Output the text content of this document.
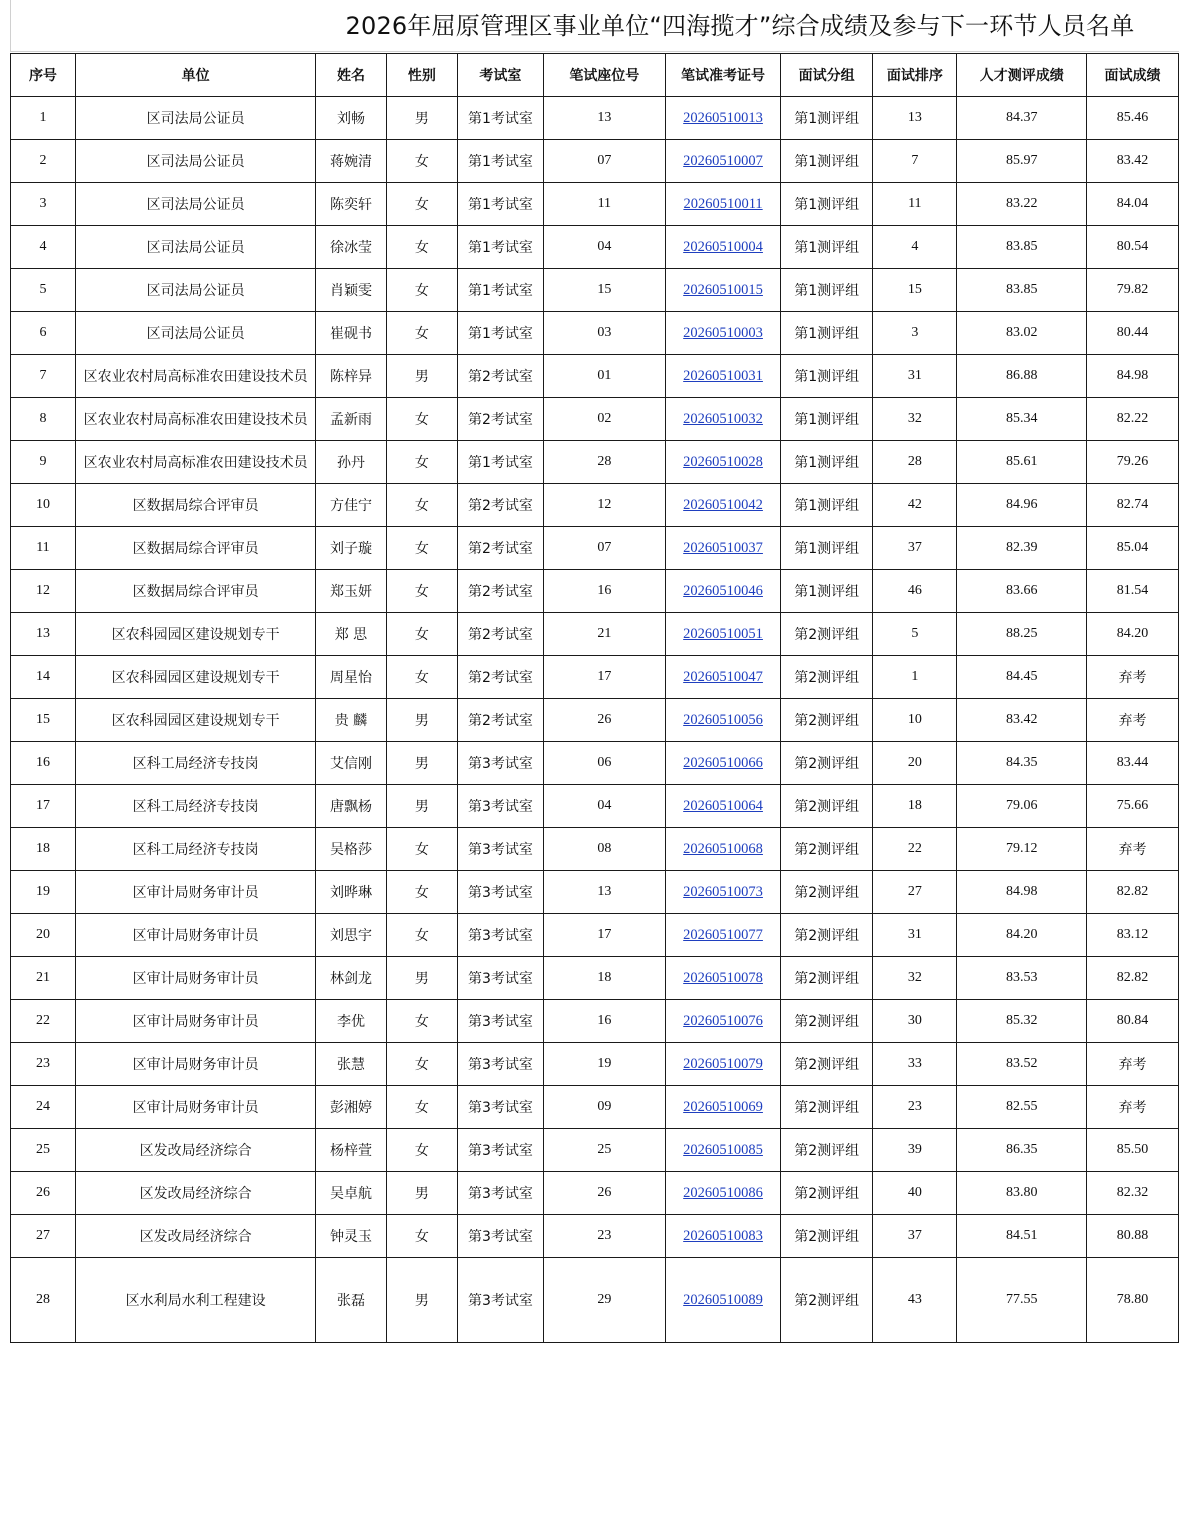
2026年屈原管理区事业单位“四海揽才”综合成绩及参与下一环节人员名单
序号	单位	姓名	性别	考试室	笔试座位号	笔试准考证号	面试分组	面试排序	人才测评成绩	面试成绩
1	区司法局公证员	刘畅	男	第1考试室	13	20260510013	第1测评组	13	84.37	85.46
2	区司法局公证员	蒋婉清	女	第1考试室	07	20260510007	第1测评组	7	85.97	83.42
3	区司法局公证员	陈奕轩	女	第1考试室	11	20260510011	第1测评组	11	83.22	84.04
4	区司法局公证员	徐冰莹	女	第1考试室	04	20260510004	第1测评组	4	83.85	80.54
5	区司法局公证员	肖颖雯	女	第1考试室	15	20260510015	第1测评组	15	83.85	79.82
6	区司法局公证员	崔砚书	女	第1考试室	03	20260510003	第1测评组	3	83.02	80.44
7	区农业农村局高标准农田建设技术员	陈梓异	男	第2考试室	01	20260510031	第1测评组	31	86.88	84.98
8	区农业农村局高标准农田建设技术员	孟新雨	女	第2考试室	02	20260510032	第1测评组	32	85.34	82.22
9	区农业农村局高标准农田建设技术员	孙丹	女	第1考试室	28	20260510028	第1测评组	28	85.61	79.26
10	区数据局综合评审员	方佳宁	女	第2考试室	12	20260510042	第1测评组	42	84.96	82.74
11	区数据局综合评审员	刘子璇	女	第2考试室	07	20260510037	第1测评组	37	82.39	85.04
12	区数据局综合评审员	郑玉妍	女	第2考试室	16	20260510046	第1测评组	46	83.66	81.54
13	区农科园园区建设规划专干	郑 思	女	第2考试室	21	20260510051	第2测评组	5	88.25	84.20
14	区农科园园区建设规划专干	周星怡	女	第2考试室	17	20260510047	第2测评组	1	84.45	弃考
15	区农科园园区建设规划专干	贵 麟	男	第2考试室	26	20260510056	第2测评组	10	83.42	弃考
16	区科工局经济专技岗	艾信刚	男	第3考试室	06	20260510066	第2测评组	20	84.35	83.44
17	区科工局经济专技岗	唐飘杨	男	第3考试室	04	20260510064	第2测评组	18	79.06	75.66
18	区科工局经济专技岗	吴格莎	女	第3考试室	08	20260510068	第2测评组	22	79.12	弃考
19	区审计局财务审计员	刘晔琳	女	第3考试室	13	20260510073	第2测评组	27	84.98	82.82
20	区审计局财务审计员	刘思宇	女	第3考试室	17	20260510077	第2测评组	31	84.20	83.12
21	区审计局财务审计员	林剑龙	男	第3考试室	18	20260510078	第2测评组	32	83.53	82.82
22	区审计局财务审计员	李优	女	第3考试室	16	20260510076	第2测评组	30	85.32	80.84
23	区审计局财务审计员	张慧	女	第3考试室	19	20260510079	第2测评组	33	83.52	弃考
24	区审计局财务审计员	彭湘婷	女	第3考试室	09	20260510069	第2测评组	23	82.55	弃考
25	区发改局经济综合	杨梓萱	女	第3考试室	25	20260510085	第2测评组	39	86.35	85.50
26	区发改局经济综合	吴卓航	男	第3考试室	26	20260510086	第2测评组	40	83.80	82.32
27	区发改局经济综合	钟灵玉	女	第3考试室	23	20260510083	第2测评组	37	84.51	80.88
28	区水利局水利工程建设	张磊	男	第3考试室	29	20260510089	第2测评组	43	77.55	78.80
